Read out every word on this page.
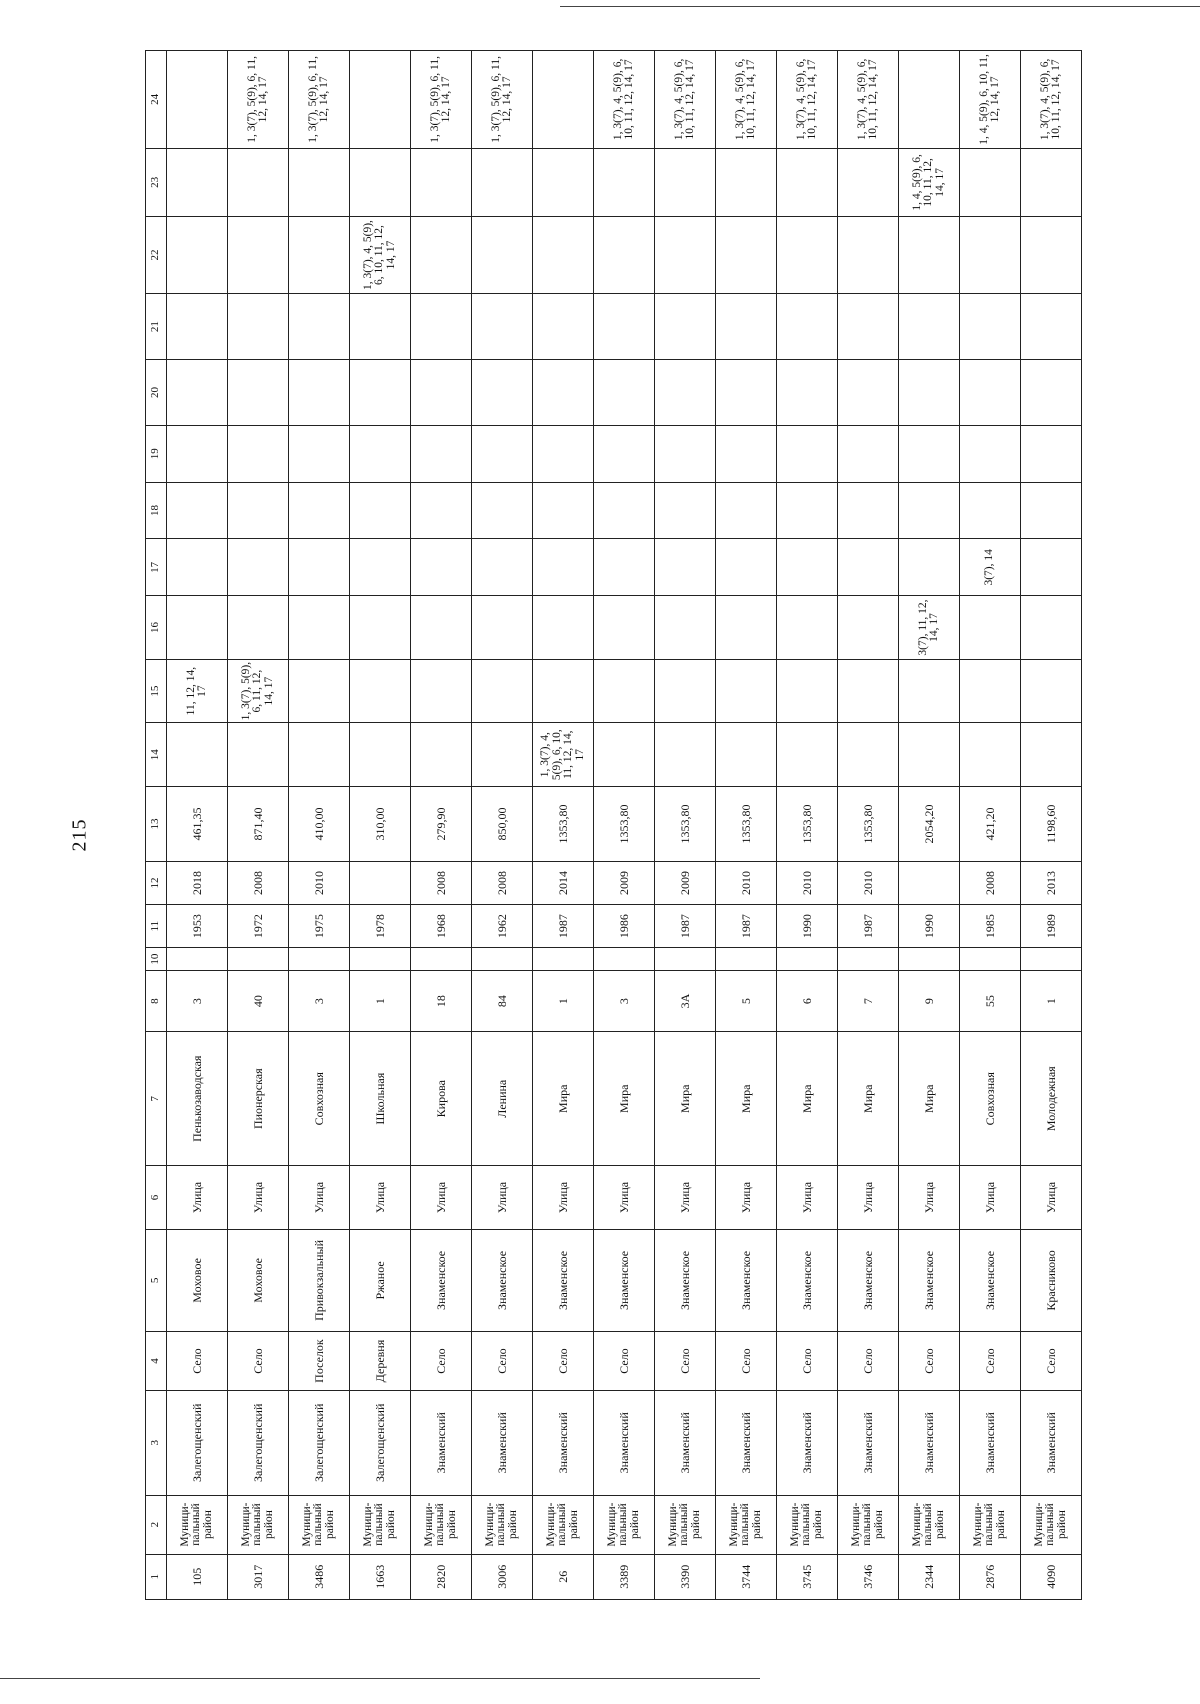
215
1	2	3	4	5	6	7	8	10	11	12	13	14	15	16	17	18	19	20	21	22	23	24
105	Муници-пальный район	Залегощенский	Село	Моховое	Улица	Пенькозаводская	3		1953	2018	461,35		11, 12, 14, 17									
3017	Муници-пальный район	Залегощенский	Село	Моховое	Улица	Пионерская	40		1972	2008	871,40		1, 3(7), 5(9), 6, 11, 12, 14, 17									1, 3(7), 5(9), 6, 11, 12, 14, 17
3486	Муници-пальный район	Залегощенский	Поселок	Привокзальный	Улица	Совхозная	3		1975	2010	410,00											1, 3(7), 5(9), 6, 11, 12, 14, 17
1663	Муници-пальный район	Залегощенский	Деревня	Ржаное	Улица	Школьная	1		1978		310,00									1, 3(7), 4, 5(9), 6, 10, 11, 12, 14, 17		
2820	Муници-пальный район	Знаменский	Село	Знаменское	Улица	Кирова	18		1968	2008	279,90											1, 3(7), 5(9), 6, 11, 12, 14, 17
3006	Муници-пальный район	Знаменский	Село	Знаменское	Улица	Ленина	84		1962	2008	850,00											1, 3(7), 5(9), 6, 11, 12, 14, 17
26	Муници-пальный район	Знаменский	Село	Знаменское	Улица	Мира	1		1987	2014	1353,80	1, 3(7), 4, 5(9), 6, 10, 11, 12, 14, 17										
3389	Муници-пальный район	Знаменский	Село	Знаменское	Улица	Мира	3		1986	2009	1353,80											1, 3(7), 4, 5(9), 6, 10, 11, 12, 14, 17
3390	Муници-пальный район	Знаменский	Село	Знаменское	Улица	Мира	3А		1987	2009	1353,80											1, 3(7), 4, 5(9), 6, 10, 11, 12, 14, 17
3744	Муници-пальный район	Знаменский	Село	Знаменское	Улица	Мира	5		1987	2010	1353,80											1, 3(7), 4, 5(9), 6, 10, 11, 12, 14, 17
3745	Муници-пальный район	Знаменский	Село	Знаменское	Улица	Мира	6		1990	2010	1353,80											1, 3(7), 4, 5(9), 6, 10, 11, 12, 14, 17
3746	Муници-пальный район	Знаменский	Село	Знаменское	Улица	Мира	7		1987	2010	1353,80											1, 3(7), 4, 5(9), 6, 10, 11, 12, 14, 17
2344	Муници-пальный район	Знаменский	Село	Знаменское	Улица	Мира	9		1990		2054,20			3(7), 11, 12, 14, 17							1, 4, 5(9), 6, 10, 11, 12, 14, 17	
2876	Муници-пальный район	Знаменский	Село	Знаменское	Улица	Совхозная	55		1985	2008	421,20				3(7), 14							1, 4, 5(9), 6, 10, 11, 12, 14, 17
4090	Муници-пальный район	Знаменский	Село	Красниково	Улица	Молодежная	1		1989	2013	1198,60											1, 3(7), 4, 5(9), 6, 10, 11, 12, 14, 17
